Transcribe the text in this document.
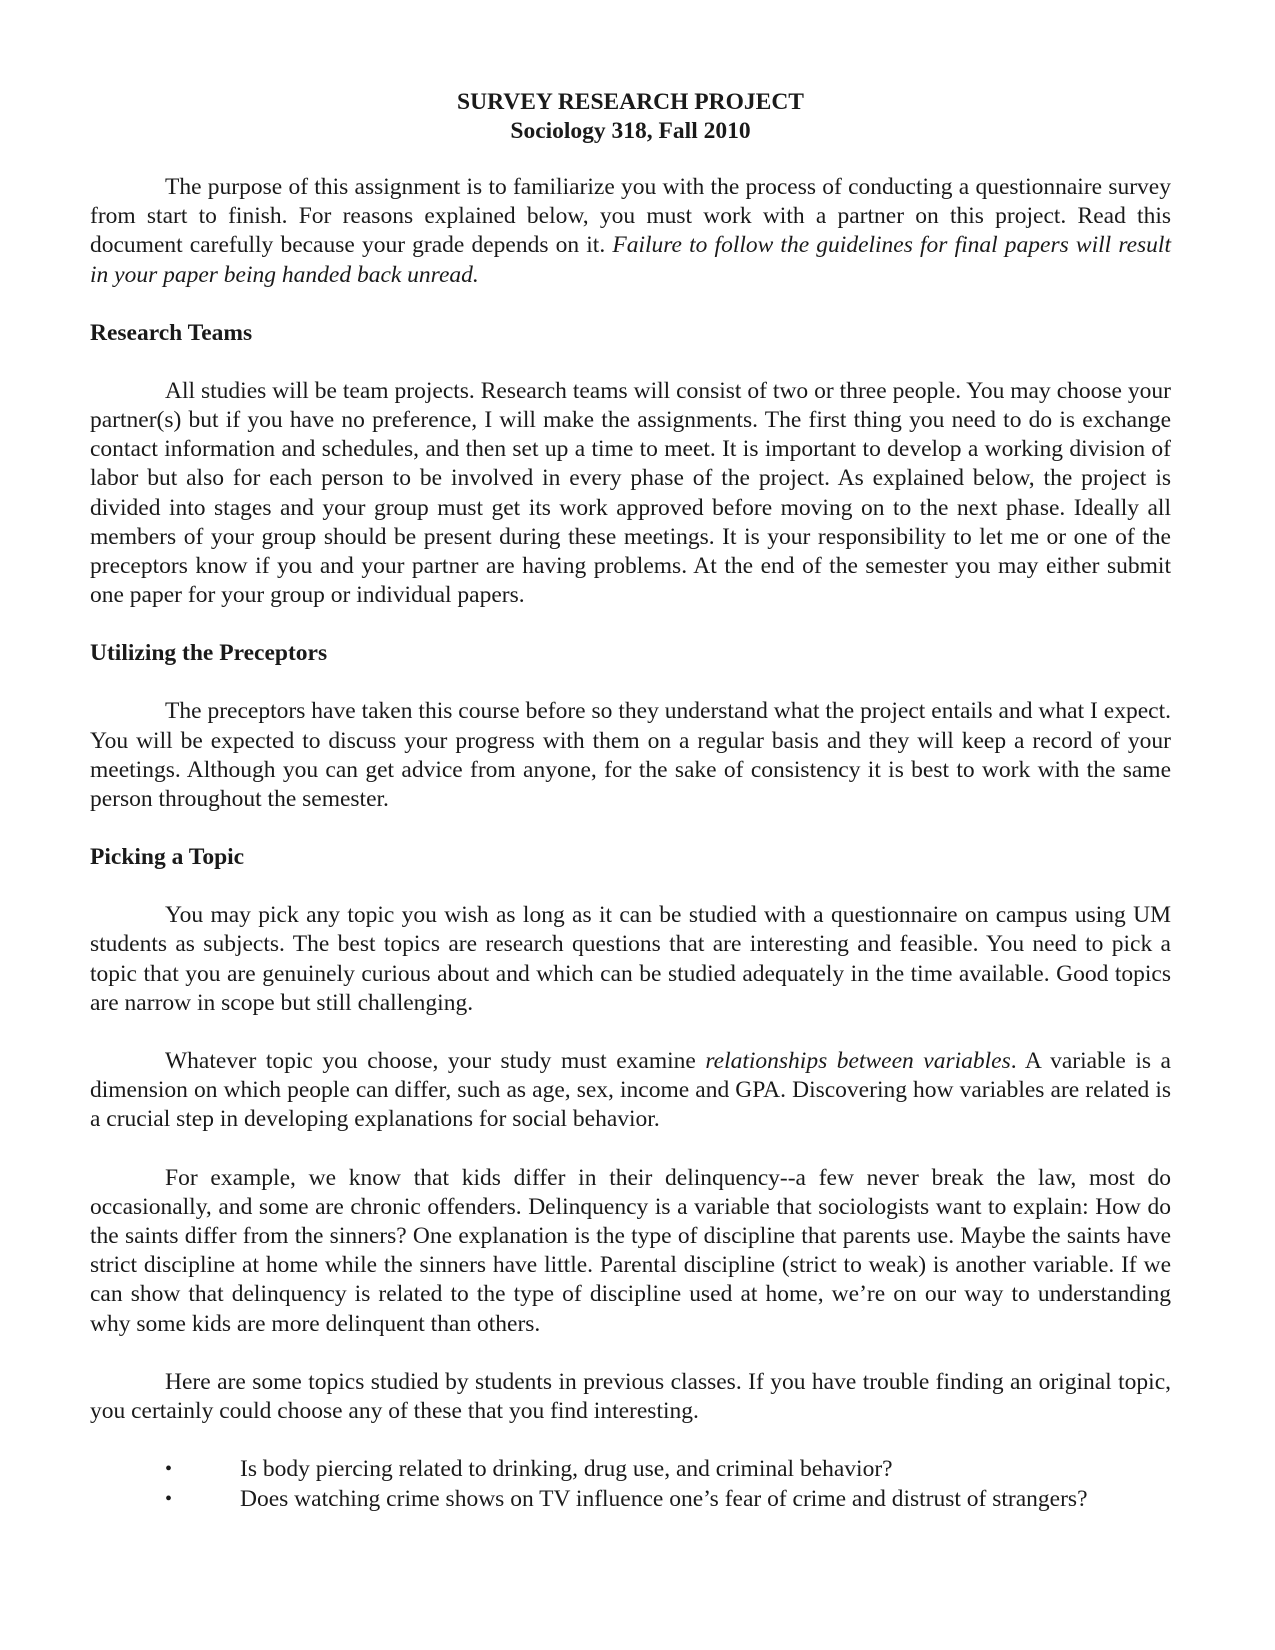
SURVEY RESEARCH PROJECT
Sociology 318, Fall 2010

The purpose of this assignment is to familiarize you with the process of conducting a questionnaire survey from start to finish. For reasons explained below, you must work with a partner on this project. Read this document carefully because your grade depends on it. Failure to follow the guidelines for final papers will result in your paper being handed back unread.

Research Teams

All studies will be team projects. Research teams will consist of two or three people. You may choose your partner(s) but if you have no preference, I will make the assignments. The first thing you need to do is exchange contact information and schedules, and then set up a time to meet. It is important to develop a working division of labor but also for each person to be involved in every phase of the project. As explained below, the project is divided into stages and your group must get its work approved before moving on to the next phase. Ideally all members of your group should be present during these meetings. It is your responsibility to let me or one of the preceptors know if you and your partner are having problems. At the end of the semester you may either submit one paper for your group or individual papers.

Utilizing the Preceptors

The preceptors have taken this course before so they understand what the project entails and what I expect. You will be expected to discuss your progress with them on a regular basis and they will keep a record of your meetings. Although you can get advice from anyone, for the sake of consistency it is best to work with the same person throughout the semester.

Picking a Topic

You may pick any topic you wish as long as it can be studied with a questionnaire on campus using UM students as subjects. The best topics are research questions that are interesting and feasible. You need to pick a topic that you are genuinely curious about and which can be studied adequately in the time available. Good topics are narrow in scope but still challenging.

Whatever topic you choose, your study must examine relationships between variables. A variable is a dimension on which people can differ, such as age, sex, income and GPA. Discovering how variables are related is a crucial step in developing explanations for social behavior.

For example, we know that kids differ in their delinquency--a few never break the law, most do occasionally, and some are chronic offenders. Delinquency is a variable that sociologists want to explain: How do the saints differ from the sinners? One explanation is the type of discipline that parents use. Maybe the saints have strict discipline at home while the sinners have little. Parental discipline (strict to weak) is another variable. If we can show that delinquency is related to the type of discipline used at home, we’re on our way to understanding why some kids are more delinquent than others.

Here are some topics studied by students in previous classes. If you have trouble finding an original topic, you certainly could choose any of these that you find interesting.

•	Is body piercing related to drinking, drug use, and criminal behavior?
•	Does watching crime shows on TV influence one’s fear of crime and distrust of strangers?
